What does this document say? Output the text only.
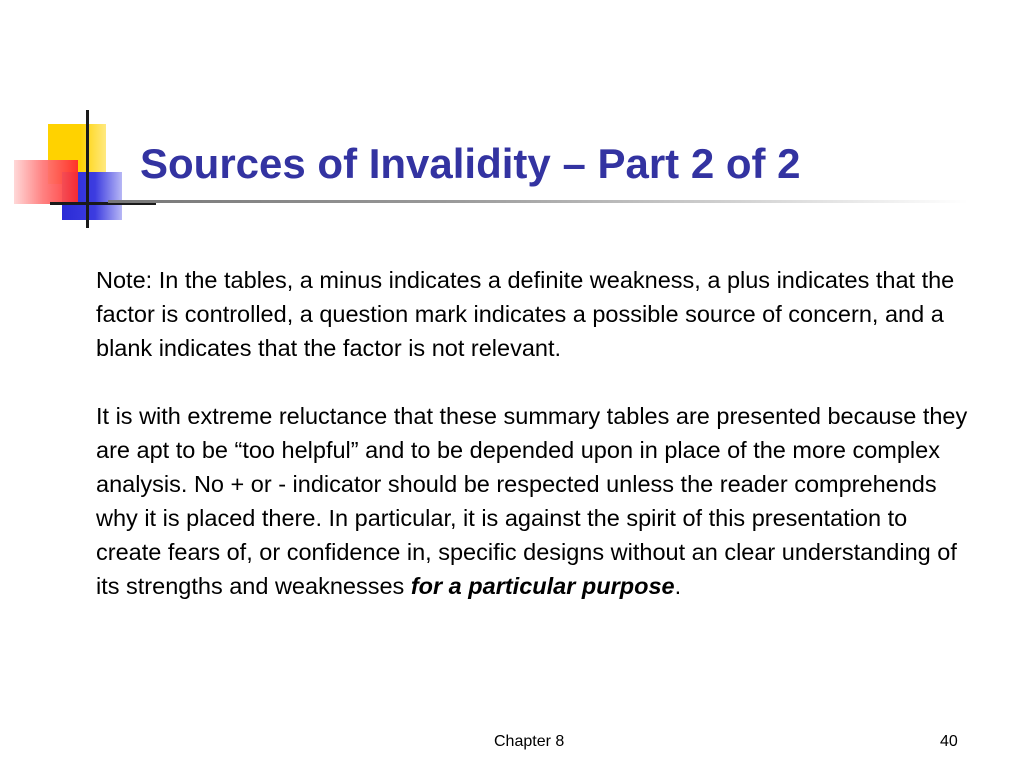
Sources of Invalidity – Part 2 of 2

Note: In the tables, a minus indicates a definite weakness, a plus indicates that the factor is controlled, a question mark indicates a possible source of concern, and a blank indicates that the factor is not relevant.

It is with extreme reluctance that these summary tables are presented because they are apt to be “too helpful” and to be depended upon in place of the more complex analysis. No + or - indicator should be respected unless the reader comprehends why it is placed there. In particular, it is against the spirit of this presentation to create fears of, or confidence in, specific designs without an clear understanding of its strengths and weaknesses for a particular purpose.

Chapter 8	40
